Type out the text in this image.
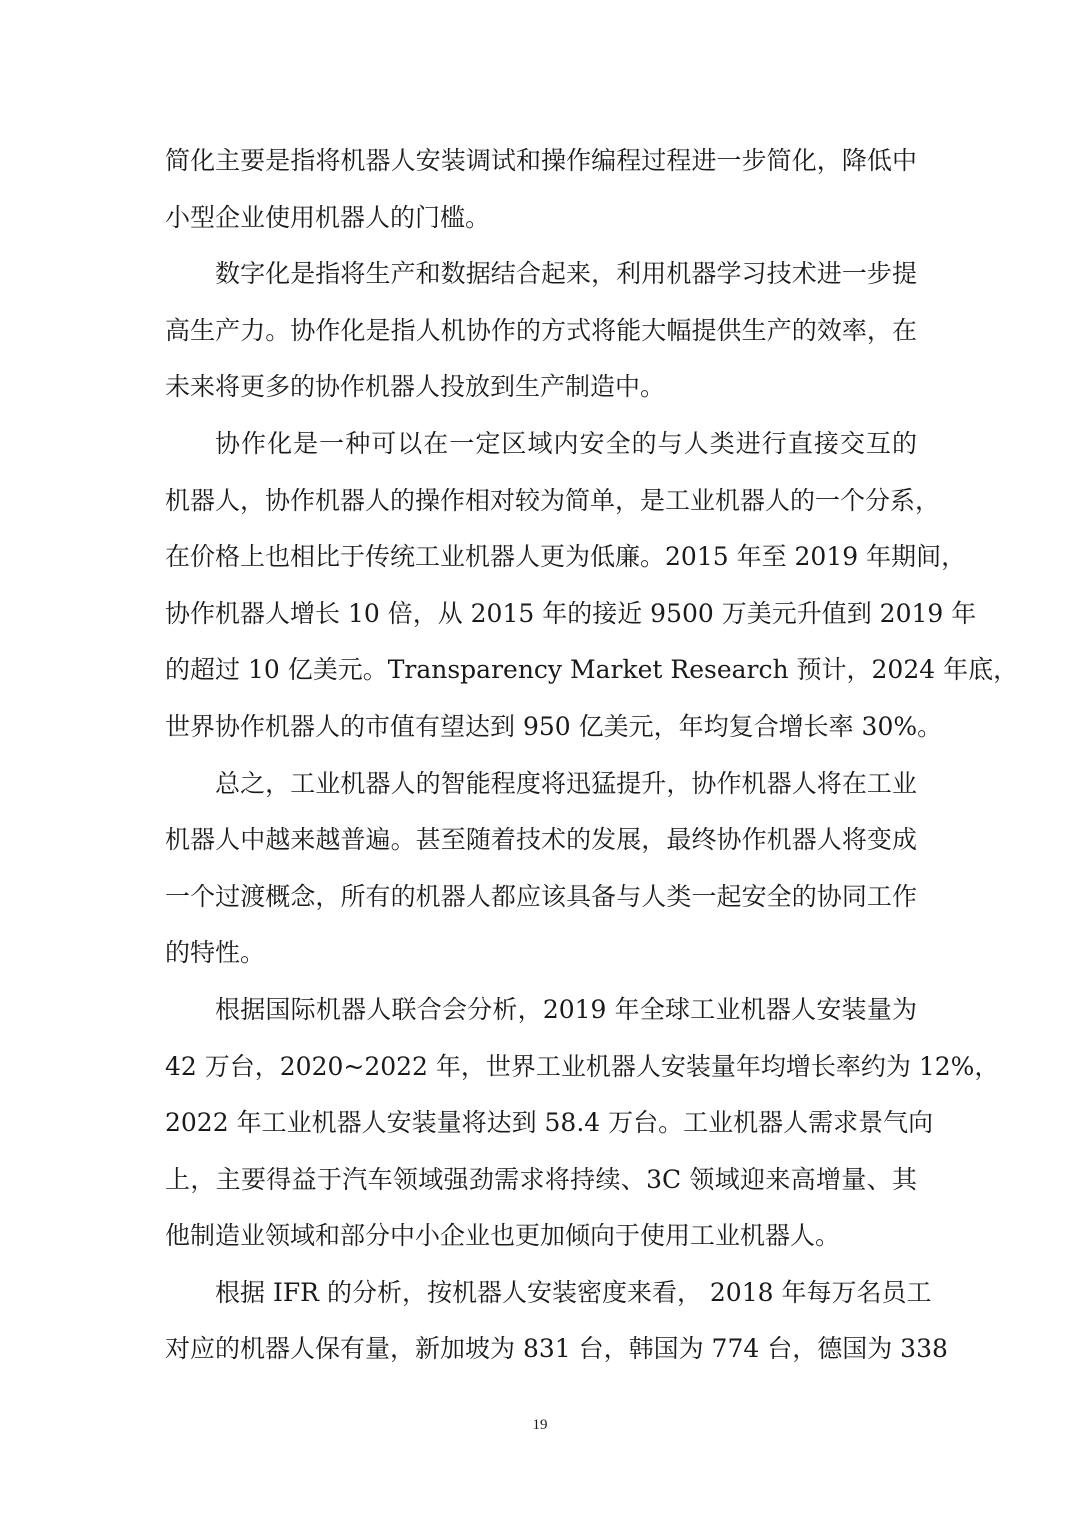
简化主要是指将机器人安装调试和操作编程过程进一步简化，降低中
小型企业使用机器人的门槛。
数字化是指将生产和数据结合起来，利用机器学习技术进一步提
高生产力。协作化是指人机协作的方式将能大幅提供生产的效率，在
未来将更多的协作机器人投放到生产制造中。
协作化是一种可以在一定区域内安全的与人类进行直接交互的
机器人，协作机器人的操作相对较为简单，是工业机器人的一个分系，
在价格上也相比于传统工业机器人更为低廉。2015 年至 2019 年期间，
协作机器人增长 10 倍，从 2015 年的接近 9500 万美元升值到 2019 年
的超过 10 亿美元。Transparency Market Research 预计，2024 年底，
世界协作机器人的市值有望达到 950 亿美元，年均复合增长率 30%。
总之，工业机器人的智能程度将迅猛提升，协作机器人将在工业
机器人中越来越普遍。甚至随着技术的发展，最终协作机器人将变成
一个过渡概念，所有的机器人都应该具备与人类一起安全的协同工作
的特性。
根据国际机器人联合会分析，2019 年全球工业机器人安装量为
42 万台，2020~2022 年，世界工业机器人安装量年均增长率约为 12%，
2022 年工业机器人安装量将达到 58.4 万台。工业机器人需求景气向
上，主要得益于汽车领域强劲需求将持续、3C 领域迎来高增量、其
他制造业领域和部分中小企业也更加倾向于使用工业机器人。
根据 IFR 的分析，按机器人安装密度来看， 2018 年每万名员工
对应的机器人保有量，新加坡为 831 台，韩国为 774 台，德国为 338
19
